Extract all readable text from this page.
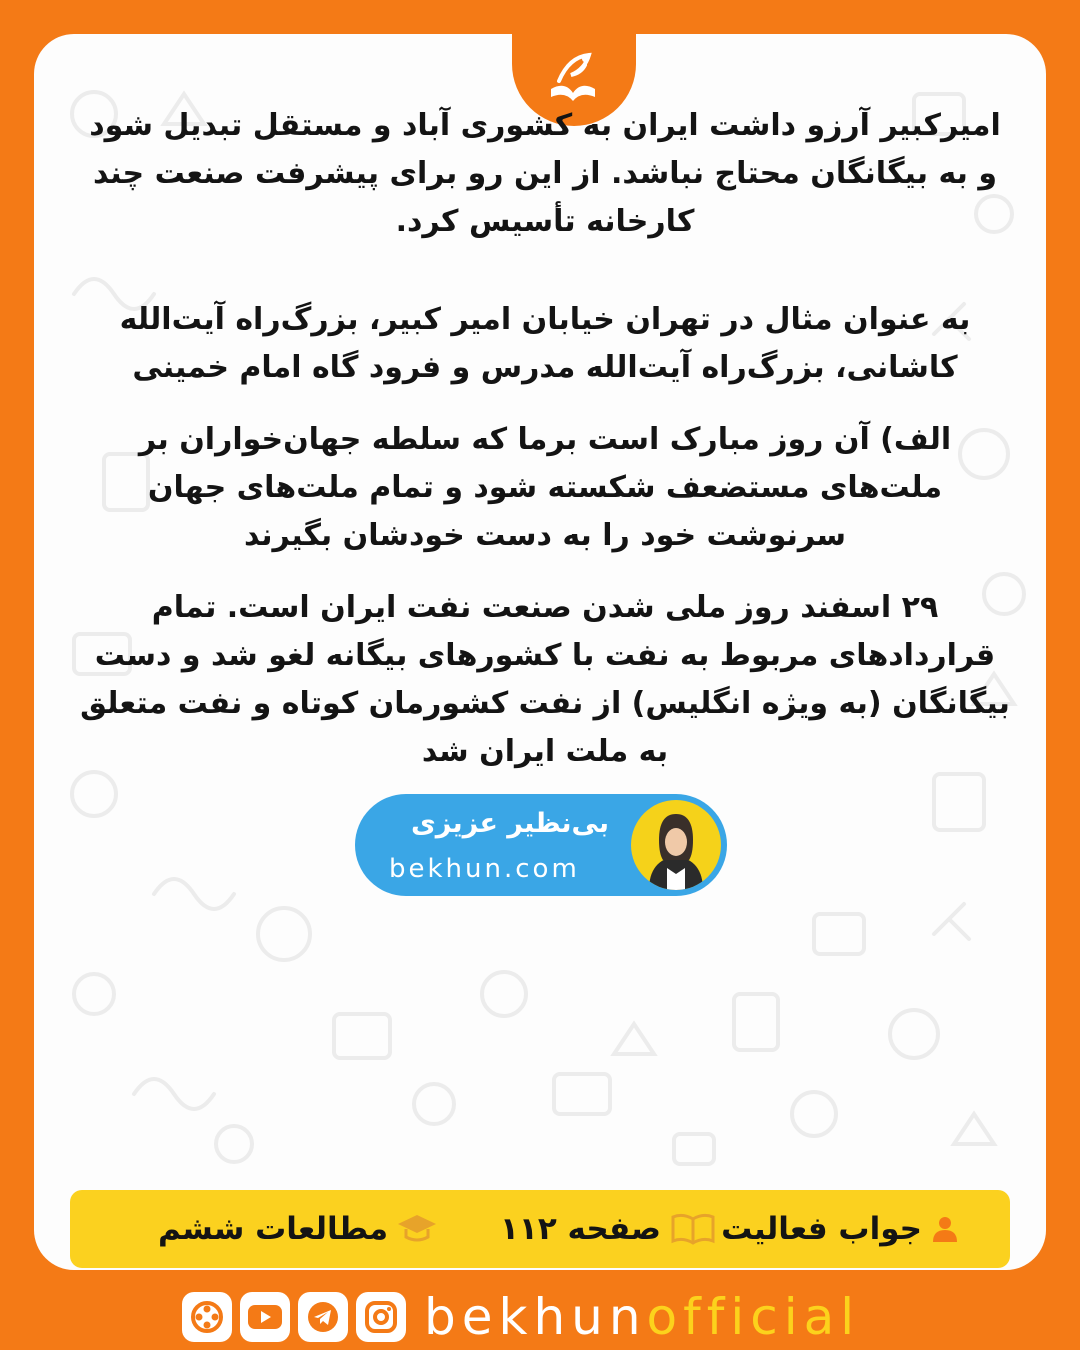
امیرکبیر آرزو داشت ایران به کشوری آباد و مستقل تبدیل شود و به بیگانگان محتاج نباشد. از این رو برای پیشرفت صنعت چند کارخانه تأسیس کرد.

به عنوان مثال در تهران خیابان امیر کبیر، بزرگ‌راه آیت‌الله کاشانی، بزرگ‌راه آیت‌الله مدرس و فرود گاه امام خمینی

الف) آن روز مبارک است برما که سلطه جهان‌خواران بر ملت‌های مستضعف شکسته شود و تمام ملت‌های جهان سرنوشت خود را به دست خودشان بگیرند

۲۹ اسفند روز ملی شدن صنعت نفت ایران است. تمام قراردادهای مربوط به نفت با کشورهای بیگانه لغو شد و دست بیگانگان (به ویژه انگلیس) از نفت کشورمان کوتاه و نفت متعلق به ملت ایران شد

بی‌نظیر عزیزی
bekhun.com
جواب فعالیت
صفحه ۱۱۲
مطالعات ششم
bekhunofficial
